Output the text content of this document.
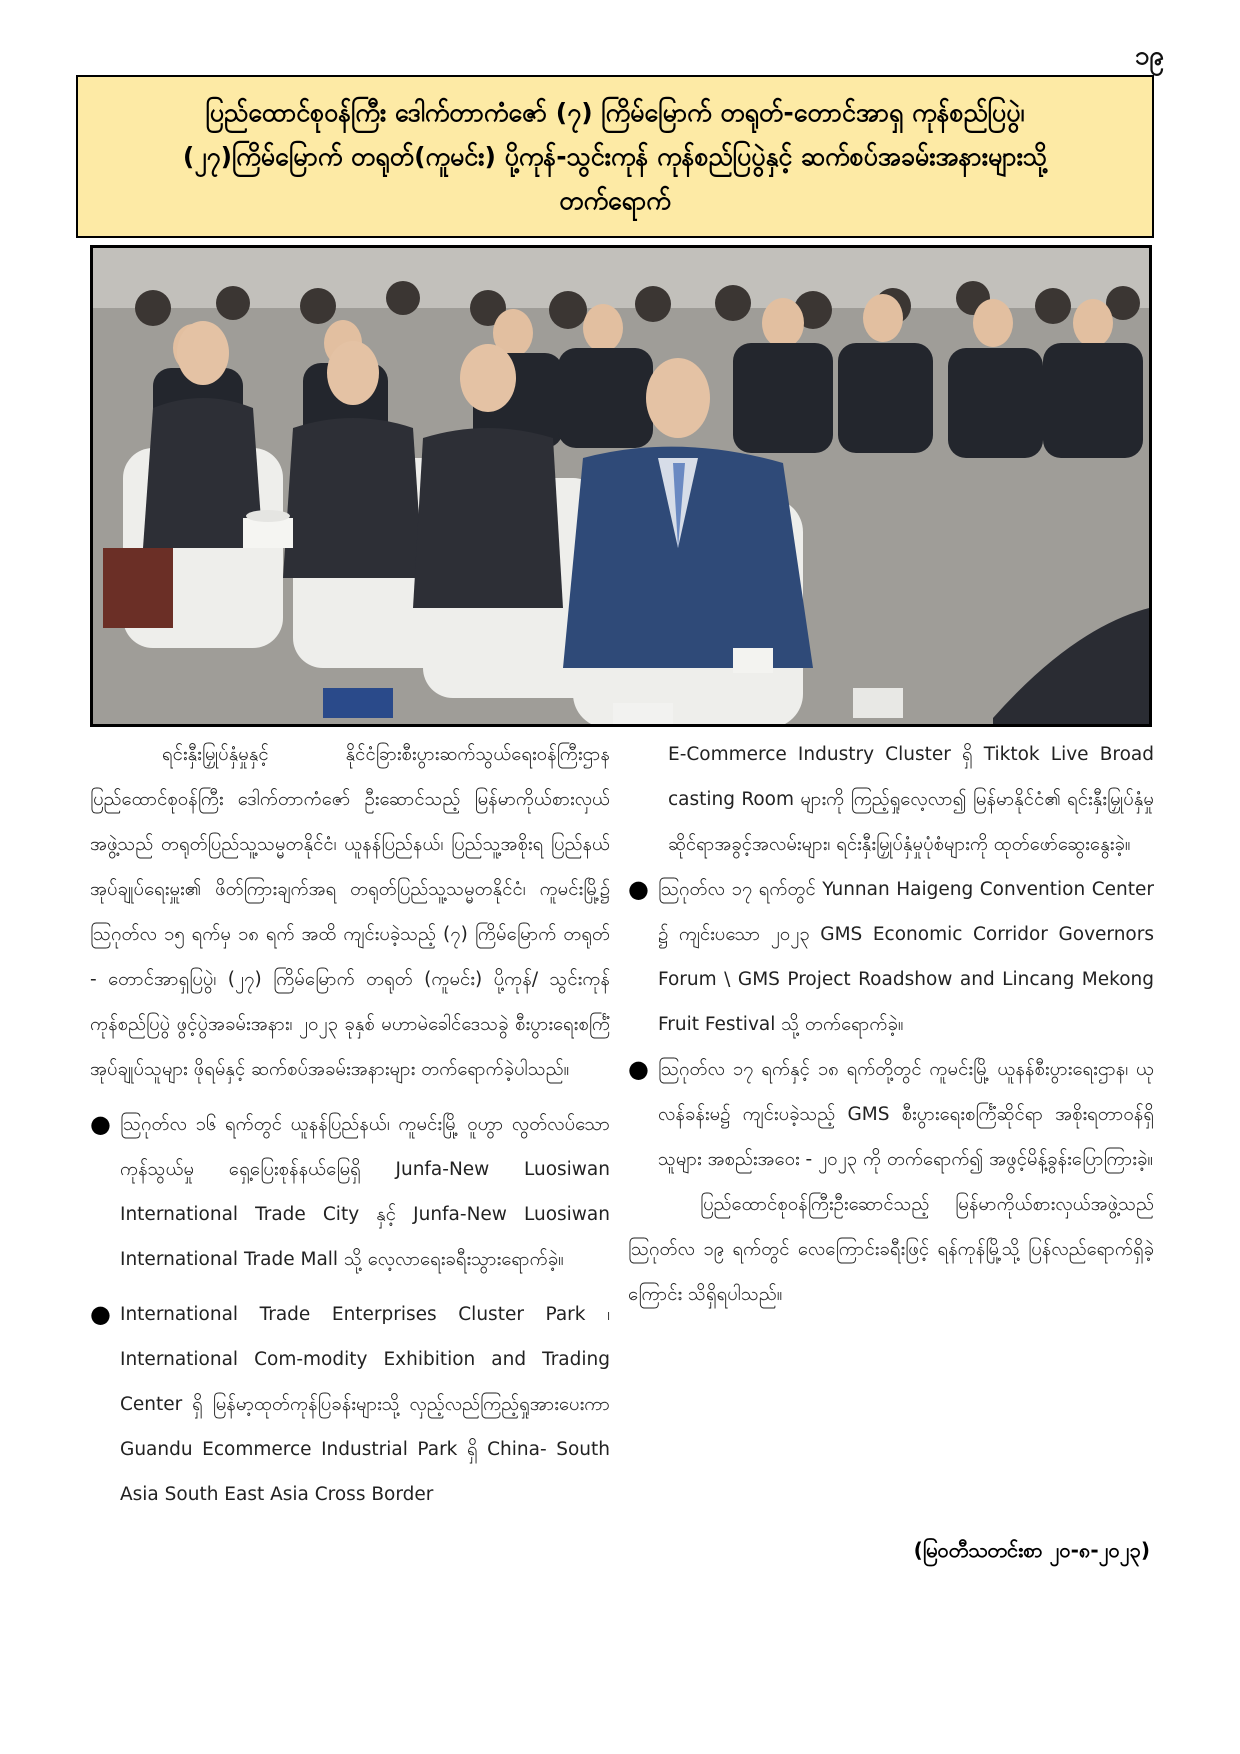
၁၉

ပြည်ထောင်စုဝန်ကြီး ဒေါက်တာကံဇော် (၇) ကြိမ်မြောက် တရုတ်-တောင်အာရှ ကုန်စည်ပြပွဲ၊

(၂၇)ကြိမ်မြောက် တရုတ်(ကူမင်း) ပို့ကုန်-သွင်းကုန် ကုန်စည်ပြပွဲနှင့် ဆက်စပ်အခမ်းအနားများသို့

တက်ရောက်

ရင်းနှီးမြှုပ်နှံမှုနှင့် နိုင်ငံခြားစီးပွားဆက်သွယ်ရေးဝန်ကြီးဌာန ပြည်ထောင်စုဝန်ကြီး ဒေါက်တာကံဇော် ဦးဆောင်သည့် မြန်မာကိုယ်စားလှယ်အဖွဲ့သည် တရုတ်ပြည်သူ့သမ္မတနိုင်ငံ၊ ယူနန်ပြည်နယ်၊ ပြည်သူ့အစိုးရ ပြည်နယ်အုပ်ချုပ်ရေးမှူး၏ ဖိတ်ကြားချက်အရ တရုတ်ပြည်သူ့သမ္မတနိုင်ငံ၊ ကူမင်းမြို့၌ ဩဂုတ်လ ၁၅ ရက်မှ ၁၈ ရက် အထိ ကျင်းပခဲ့သည့် (၇) ကြိမ်မြောက် တရုတ် - တောင်အာရှပြပွဲ၊ (၂၇) ကြိမ်မြောက် တရုတ် (ကူမင်း) ပို့ကုန်/ သွင်းကုန် ကုန်စည်ပြပွဲ ဖွင့်ပွဲအခမ်းအနား၊ ၂၀၂၃ ခုနှစ် မဟာမဲခေါင်ဒေသခွဲ စီးပွားရေးစင်္ကြံ အုပ်ချုပ်သူများ ဖိုရမ်နှင့် ဆက်စပ်အခမ်းအနားများ တက်ရောက်ခဲ့ပါသည်။

● ဩဂုတ်လ ၁၆ ရက်တွင် ယူနန်ပြည်နယ်၊ ကူမင်းမြို့ ဝူဟွာ လွတ်လပ်သောကုန်သွယ်မှု ရှေ့ပြေးစုန်နယ်မြေရှိ Junfa-New Luosiwan International Trade City နှင့် Junfa-New Luosiwan International Trade Mall သို့ လေ့လာရေးခရီးသွားရောက်ခဲ့။
● International Trade Enterprises Cluster Park ၊ International Com-modity Exhibition and Trading Center ရှိ မြန်မာ့ထုတ်ကုန်ပြခန်းများသို့ လှည့်လည်ကြည့်ရှုအားပေးကာ Guandu Ecommerce Industrial Park ရှိ China- South Asia South East Asia Cross Border

E-Commerce Industry Cluster ရှိ Tiktok Live Broad casting Room များကို ကြည့်ရှုလေ့လာ၍ မြန်မာနိုင်ငံ၏ ရင်းနှီးမြှုပ်နှံမှုဆိုင်ရာအခွင့်အလမ်းများ၊ ရင်းနှီးမြှုပ်နှံမှုပုံစံများကို ထုတ်ဖော်ဆွေးနွေးခဲ့။

● ဩဂုတ်လ ၁၇ ရက်တွင် Yunnan Haigeng Convention Center ၌ ကျင်းပသော ၂၀၂၃ GMS Economic Corridor Governors Forum \ GMS Project Roadshow and Lincang Mekong Fruit Festival သို့ တက်ရောက်ခဲ့။
● ဩဂုတ်လ ၁၇ ရက်နှင့် ၁၈ ရက်တို့တွင် ကူမင်းမြို့ ယူနန်စီးပွားရေးဌာန၊ ယုလန်ခန်းမ၌ ကျင်းပခဲ့သည့် GMS စီးပွားရေးစင်္ကြံဆိုင်ရာ အစိုးရတာဝန်ရှိသူများ အစည်းအဝေး - ၂၀၂၃ ကို တက်ရောက်၍ အဖွင့်မိန့်ခွန်းပြောကြားခဲ့။

ပြည်ထောင်စုဝန်ကြီးဦးဆောင်သည့် မြန်မာကိုယ်စားလှယ်အဖွဲ့သည် ဩဂုတ်လ ၁၉ ရက်တွင် လေကြောင်းခရီးဖြင့် ရန်ကုန်မြို့သို့ ပြန်လည်ရောက်ရှိခဲ့ကြောင်း သိရှိရပါသည်။

(မြဝတီသတင်းစာ ၂၀-၈-၂၀၂၃)
